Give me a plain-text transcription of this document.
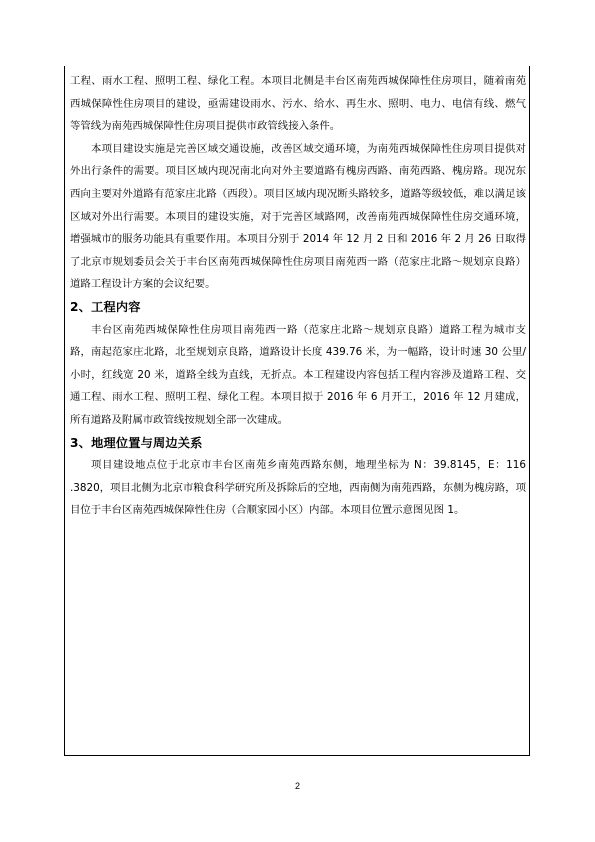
工程、雨水工程、照明工程、绿化工程。本项目北侧是丰台区南苑西城保障性住房项目，随着南苑西城保障性住房项目的建设，亟需建设雨水、污水、给水、再生水、照明、电力、电信有线、燃气等管线为南苑西城保障性住房项目提供市政管线接入条件。

本项目建设实施是完善区域交通设施，改善区域交通环境，为南苑西城保障性住房项目提供对外出行条件的需要。项目区域内现况南北向对外主要道路有槐房西路、南苑西路、槐房路。现况东西向主要对外道路有范家庄北路（西段）。项目区域内现况断头路较多，道路等级较低，难以满足该区域对外出行需要。本项目的建设实施，对于完善区域路网，改善南苑西城保障性住房交通环境，增强城市的服务功能具有重要作用。本项目分别于 2014 年 12 月 2 日和 2016 年 2 月 26 日取得了北京市规划委员会关于丰台区南苑西城保障性住房项目南苑西一路（范家庄北路～规划京良路）道路工程设计方案的会议纪要。

2、工程内容

丰台区南苑西城保障性住房项目南苑西一路（范家庄北路～规划京良路）道路工程为城市支路，南起范家庄北路，北至规划京良路，道路设计长度 439.76 米，为一幅路，设计时速 30 公里/小时，红线宽 20 米，道路全线为直线，无折点。本工程建设内容包括工程内容涉及道路工程、交通工程、雨水工程、照明工程、绿化工程。本项目拟于 2016 年 6 月开工，2016 年 12 月建成，所有道路及附属市政管线按规划全部一次建成。

3、地理位置与周边关系

项目建设地点位于北京市丰台区南苑乡南苑西路东侧，地理坐标为 N：39.8145，E：116 .3820，项目北侧为北京市粮食科学研究所及拆除后的空地，西南侧为南苑西路，东侧为槐房路，项目位于丰台区南苑西城保障性住房（合顺家园小区）内部。本项目位置示意图见图 1。

2
